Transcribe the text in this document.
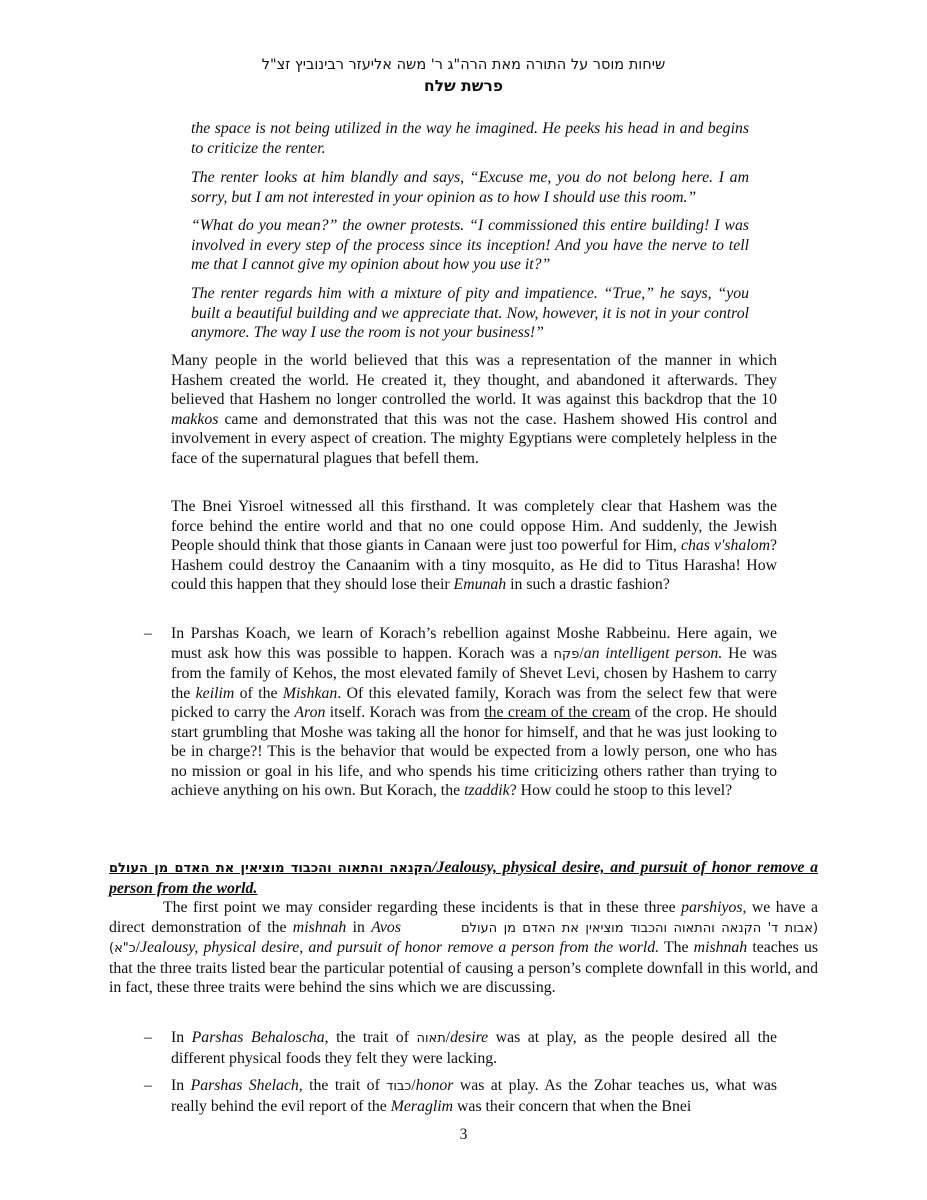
שיחות מוסר על התורה מאת הרה"ג ר' משה אליעזר רבינוביץ זצ"ל
פרשת שלח

the space is not being utilized in the way he imagined. He peeks his head in and begins to criticize the renter.

The renter looks at him blandly and says, “Excuse me, you do not belong here. I am sorry, but I am not interested in your opinion as to how I should use this room.”

“What do you mean?” the owner protests. “I commissioned this entire building! I was involved in every step of the process since its inception! And you have the nerve to tell me that I cannot give my opinion about how you use it?”

The renter regards him with a mixture of pity and impatience. “True,” he says, “you built a beautiful building and we appreciate that. Now, however, it is not in your control anymore. The way I use the room is not your business!”

Many people in the world believed that this was a representation of the manner in which Hashem created the world. He created it, they thought, and abandoned it afterwards. They believed that Hashem no longer controlled the world. It was against this backdrop that the 10 makkos came and demonstrated that this was not the case. Hashem showed His control and involvement in every aspect of creation. The mighty Egyptians were completely helpless in the face of the supernatural plagues that befell them.

The Bnei Yisroel witnessed all this firsthand. It was completely clear that Hashem was the force behind the entire world and that no one could oppose Him. And suddenly, the Jewish People should think that those giants in Canaan were just too powerful for Him, chas v'shalom? Hashem could destroy the Canaanim with a tiny mosquito, as He did to Titus Harasha! How could this happen that they should lose their Emunah in such a drastic fashion?

– In Parshas Koach, we learn of Korach’s rebellion against Moshe Rabbeinu. Here again, we must ask how this was possible to happen. Korach was a פקח/an intelligent person. He was from the family of Kehos, the most elevated family of Shevet Levi, chosen by Hashem to carry the keilim of the Mishkan. Of this elevated family, Korach was from the select few that were picked to carry the Aron itself. Korach was from the cream of the cream of the crop. He should start grumbling that Moshe was taking all the honor for himself, and that he was just looking to be in charge?! This is the behavior that would be expected from a lowly person, one who has no mission or goal in his life, and who spends his time criticizing others rather than trying to achieve anything on his own. But Korach, the tzaddik? How could he stoop to this level?

הקנאה והתאוה והכבוד מוציאין את האדם מן העולם/Jealousy, physical desire, and pursuit of honor remove a person from the world.

The first point we may consider regarding these incidents is that in these three parshiyos, we have a direct demonstration of the mishnah in Avos	הקנאה והתאוה והכבוד מוציאין את האדם מן העולם (אבות ד' כ"א)/Jealousy, physical desire, and pursuit of honor remove a person from the world. The mishnah teaches us that the three traits listed bear the particular potential of causing a person’s complete downfall in this world, and in fact, these three traits were behind the sins which we are discussing.

– In Parshas Behaloscha, the trait of תאוה/desire was at play, as the people desired all the different physical foods they felt they were lacking.

– In Parshas Shelach, the trait of כבוד/honor was at play. As the Zohar teaches us, what was really behind the evil report of the Meraglim was their concern that when the Bnei

3
